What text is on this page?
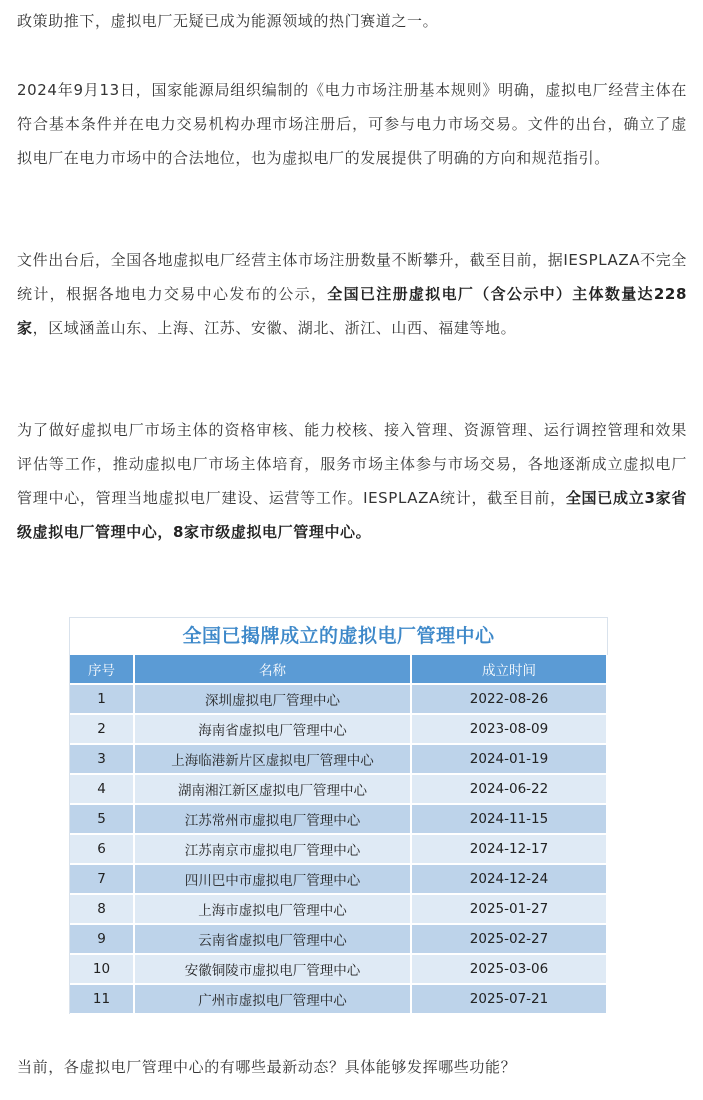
政策助推下，虚拟电厂无疑已成为能源领域的热门赛道之一。

2024年9月13日，国家能源局组织编制的《电力市场注册基本规则》明确，虚拟电厂经营主体在符合基本条件并在电力交易机构办理市场注册后，可参与电力市场交易。文件的出台，确立了虚拟电厂在电力市场中的合法地位，也为虚拟电厂的发展提供了明确的方向和规范指引。

文件出台后，全国各地虚拟电厂经营主体市场注册数量不断攀升，截至目前，据IESPLAZA不完全统计，根据各地电力交易中心发布的公示，全国已注册虚拟电厂（含公示中）主体数量达228家，区域涵盖山东、上海、江苏、安徽、湖北、浙江、山西、福建等地。

为了做好虚拟电厂市场主体的资格审核、能力校核、接入管理、资源管理、运行调控管理和效果评估等工作，推动虚拟电厂市场主体培育，服务市场主体参与市场交易，各地逐渐成立虚拟电厂管理中心，管理当地虚拟电厂建设、运营等工作。IESPLAZA统计，截至目前，全国已成立3家省级虚拟电厂管理中心，8家市级虚拟电厂管理中心。

全国已揭牌成立的虚拟电厂管理中心
序号	名称	成立时间
1	深圳虚拟电厂管理中心	2022-08-26
2	海南省虚拟电厂管理中心	2023-08-09
3	上海临港新片区虚拟电厂管理中心	2024-01-19
4	湖南湘江新区虚拟电厂管理中心	2024-06-22
5	江苏常州市虚拟电厂管理中心	2024-11-15
6	江苏南京市虚拟电厂管理中心	2024-12-17
7	四川巴中市虚拟电厂管理中心	2024-12-24
8	上海市虚拟电厂管理中心	2025-01-27
9	云南省虚拟电厂管理中心	2025-02-27
10	安徽铜陵市虚拟电厂管理中心	2025-03-06
11	广州市虚拟电厂管理中心	2025-07-21

当前，各虚拟电厂管理中心的有哪些最新动态？具体能够发挥哪些功能？
